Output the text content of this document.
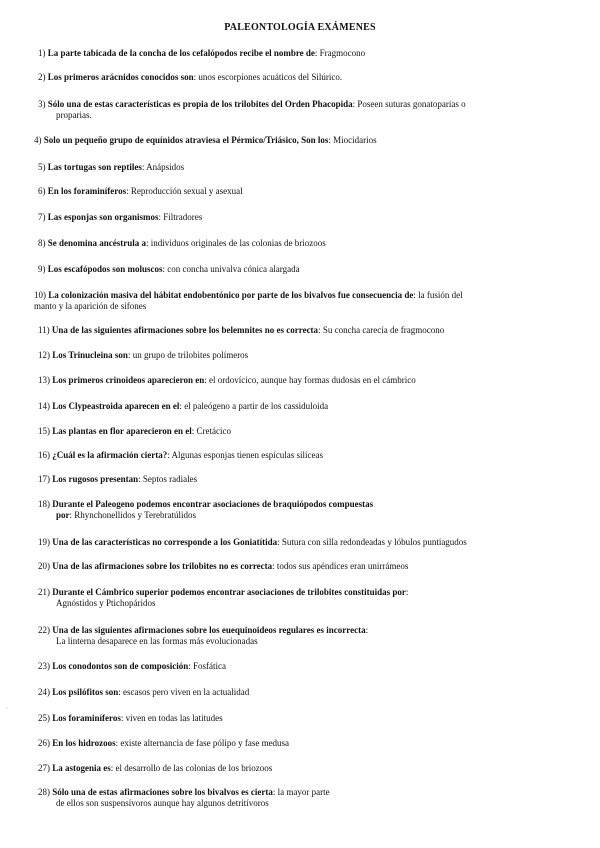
PALEONTOLOGÍA EXÁMENES
1) La parte tabicada de la concha de los cefalópodos recibe el nombre de: Fragmocono
2) Los primeros arácnidos conocidos son: unos escorpiones acuáticos del Silúrico.
3) Sólo una de estas características es propia de los trilobites del Orden Phacopida: Poseen suturas gonatoparias o
proparias.
4) Solo un pequeño grupo de equínidos atraviesa el Pérmico/Triásico, Son los: Miocidarios
5) Las tortugas son reptiles: Anápsidos
6) En los foraminíferos: Reproducción sexual y asexual
7) Las esponjas son organismos: Filtradores
8) Se denomina ancéstrula a: individuos originales de las colonias de briozoos
9) Los escafópodos son moluscos: con concha univalva cónica alargada
10) La colonización masiva del hábitat endobentónico por parte de los bivalvos fue consecuencia de: la fusión del
manto y la aparición de sifones
11) Una de las siguientes afirmaciones sobre los belemnites no es correcta: Su concha carecía de fragmocono
12) Los Trinucleina son: un grupo de trilobites polímeros
13) Los primeros crinoideos aparecieron en: el ordovícico, aunque hay formas dudosas en el cámbrico
14) Los Clypeastroida aparecen en el: el paleógeno a partir de los cassiduloida
15) Las plantas en flor aparecieron en el: Cretácico
16) ¿Cuál es la afirmación cierta?: Algunas esponjas tienen espículas silíceas
17) Los rugosos presentan: Septos radiales
18) Durante el Paleogeno podemos encontrar asociaciones de braquiópodos compuestas
por: Rhynchonellidos y Terebratúlidos
19) Una de las características no corresponde a los Goniatítida: Sutura con silla redondeadas y lóbulos puntiagudos
20) Una de las afirmaciones sobre los trilobites no es correcta: todos sus apéndices eran unirrámeos
21) Durante el Cámbrico superior podemos encontrar asociaciones de trilobites constituidas por:
Agnóstidos y Ptichopáridos
22) Una de las siguientes afirmaciones sobre los euequinoideos regulares es incorrecta:
La linterna desaparece en las formas más evolucionadas
23) Los conodontos son de composición: Fosfática
24) Los psilófitos son: escasos pero viven en la actualidad
25) Los foraminíferos: viven en todas las latitudes
26) En los hidrozoos: existe alternancia de fase pólipo y fase medusa
27) La astogenia es: el desarrollo de las colonias de los briozoos
28) Sólo una de estas afirmaciones sobre los bivalvos es cierta: la mayor parte
de ellos son suspensívoros aunque hay algunos detritívoros
·
